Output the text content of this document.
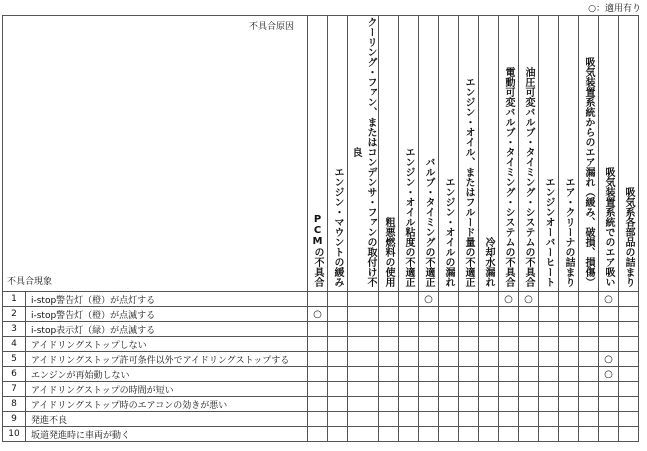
○：適用有り
不具合原因
不具合現象		PCMの不具合	エンジン・マウントの緩み	クーリング・ファン、またはコンデンサ・ファンの取付け不良	粗悪燃料の使用	エンジン・オイル粘度の不適正	バルブ・タイミングの不適正	エンジン・オイルの漏れ	エンジン・オイル、またはフルード量の不適正	冷却水漏れ	電動可変バルブ・タイミング・システムの不具合	油圧可変バルブ・タイミング・システムの不具合	エンジンオーバーヒート	エア・クリーナの詰まり	吸気装置系統からのエア漏れ（緩み、破損、損傷）	吸気装置系統でのエア吸い	吸気系各部品の詰まり

1	i-stop警告灯（橙）が点灯する						○				○	○				○	
2	i-stop警告灯（橙）が点滅する	○															
3	i-stop表示灯（緑）が点滅する																
4	アイドリングストップしない																
5	アイドリングストップ許可条件以外でアイドリングストップする															○	
6	エンジンが再始動しない															○	
7	アイドリングストップの時間が短い																
8	アイドリングストップ時のエアコンの効きが悪い																
9	発進不良																
10	坂道発進時に車両が動く																
